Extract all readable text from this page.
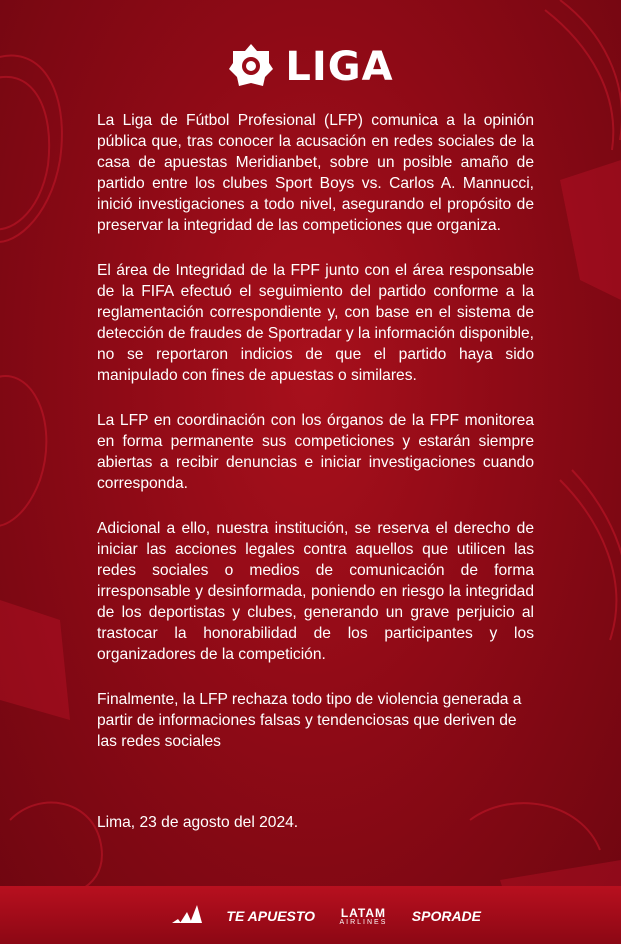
LIGA

La Liga de Fútbol Profesional (LFP) comunica a la opinión pública que, tras conocer la acusación en redes sociales de la casa de apuestas Meridianbet, sobre un posible amaño de partido entre los clubes Sport Boys vs. Carlos A. Mannucci, inició investigaciones a todo nivel, asegurando el propósito de preservar la integridad de las competiciones que organiza.

El área de Integridad de la FPF junto con el área responsable de la FIFA efectuó el seguimiento del partido conforme a la reglamentación correspondiente y, con base en el sistema de detección de fraudes de Sportradar y la información disponible, no se reportaron indicios de que el partido haya sido manipulado con fines de apuestas o similares.

La LFP en coordinación con los órganos de la FPF monitorea en forma permanente sus competiciones y estarán siempre abiertas a recibir denuncias e iniciar investigaciones cuando corresponda.

Adicional a ello, nuestra institución, se reserva el derecho de iniciar las acciones legales contra aquellos que utilicen las redes sociales o medios de comunicación de forma irresponsable y desinformada, poniendo en riesgo la integridad de los deportistas y clubes, generando un grave perjuicio al trastocar la honorabilidad de los participantes y los organizadores de la competición.

Finalmente, la LFP rechaza todo tipo de violencia generada a partir de informaciones falsas y tendenciosas que deriven de las redes sociales

Lima, 23 de agosto del 2024.
TE APUESTO LATAM
AIRLINES SPORADE
